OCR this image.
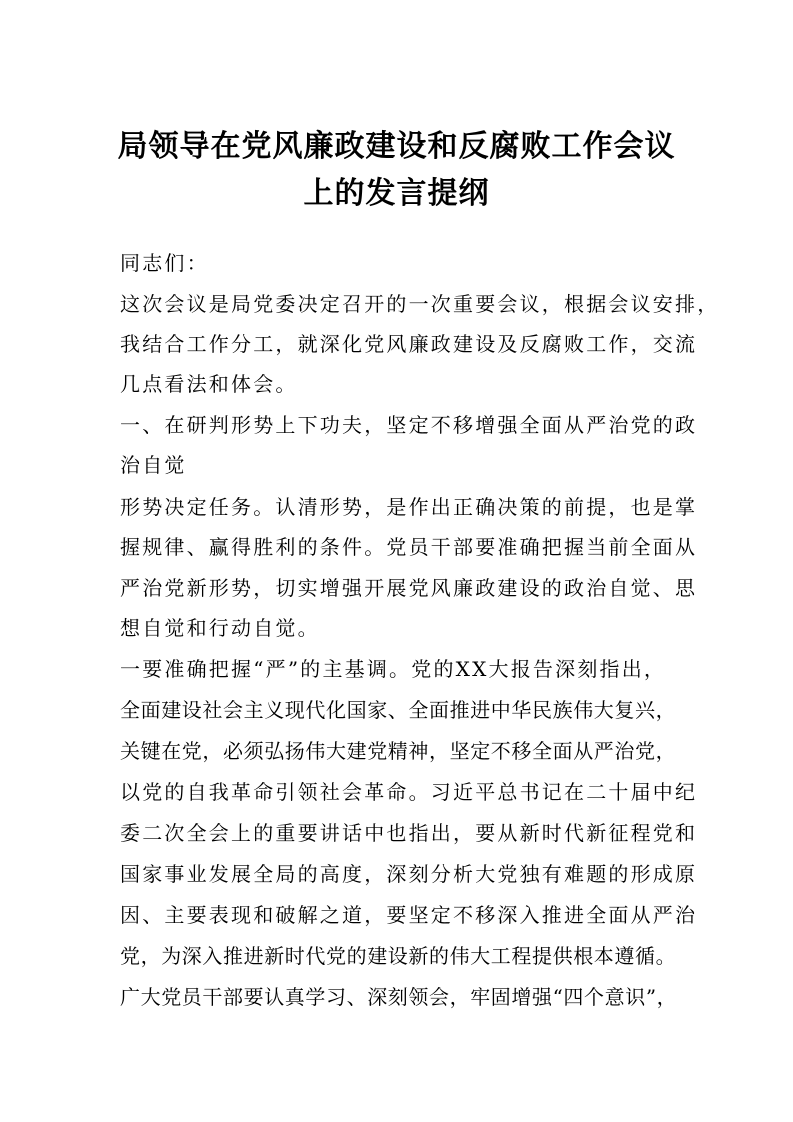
局领导在党风廉政建设和反腐败工作会议
上的发言提纲
同志们：
这次会议是局党委决定召开的一次重要会议，根据会议安排，
我结合工作分工，就深化党风廉政建设及反腐败工作，交流
几点看法和体会。
一、在研判形势上下功夫，坚定不移增强全面从严治党的政
治自觉
形势决定任务。认清形势，是作出正确决策的前提，也是掌
握规律、赢得胜利的条件。党员干部要准确把握当前全面从
严治党新形势，切实增强开展党风廉政建设的政治自觉、思
想自觉和行动自觉。
一要准确把握“严”的主基调。党的XX大报告深刻指出，
全面建设社会主义现代化国家、全面推进中华民族伟大复兴，
关键在党，必须弘扬伟大建党精神，坚定不移全面从严治党，
以党的自我革命引领社会革命。习近平总书记在二十届中纪
委二次全会上的重要讲话中也指出，要从新时代新征程党和
国家事业发展全局的高度，深刻分析大党独有难题的形成原
因、主要表现和破解之道，要坚定不移深入推进全面从严治
党，为深入推进新时代党的建设新的伟大工程提供根本遵循。
广大党员干部要认真学习、深刻领会，牢固增强“四个意识”，
